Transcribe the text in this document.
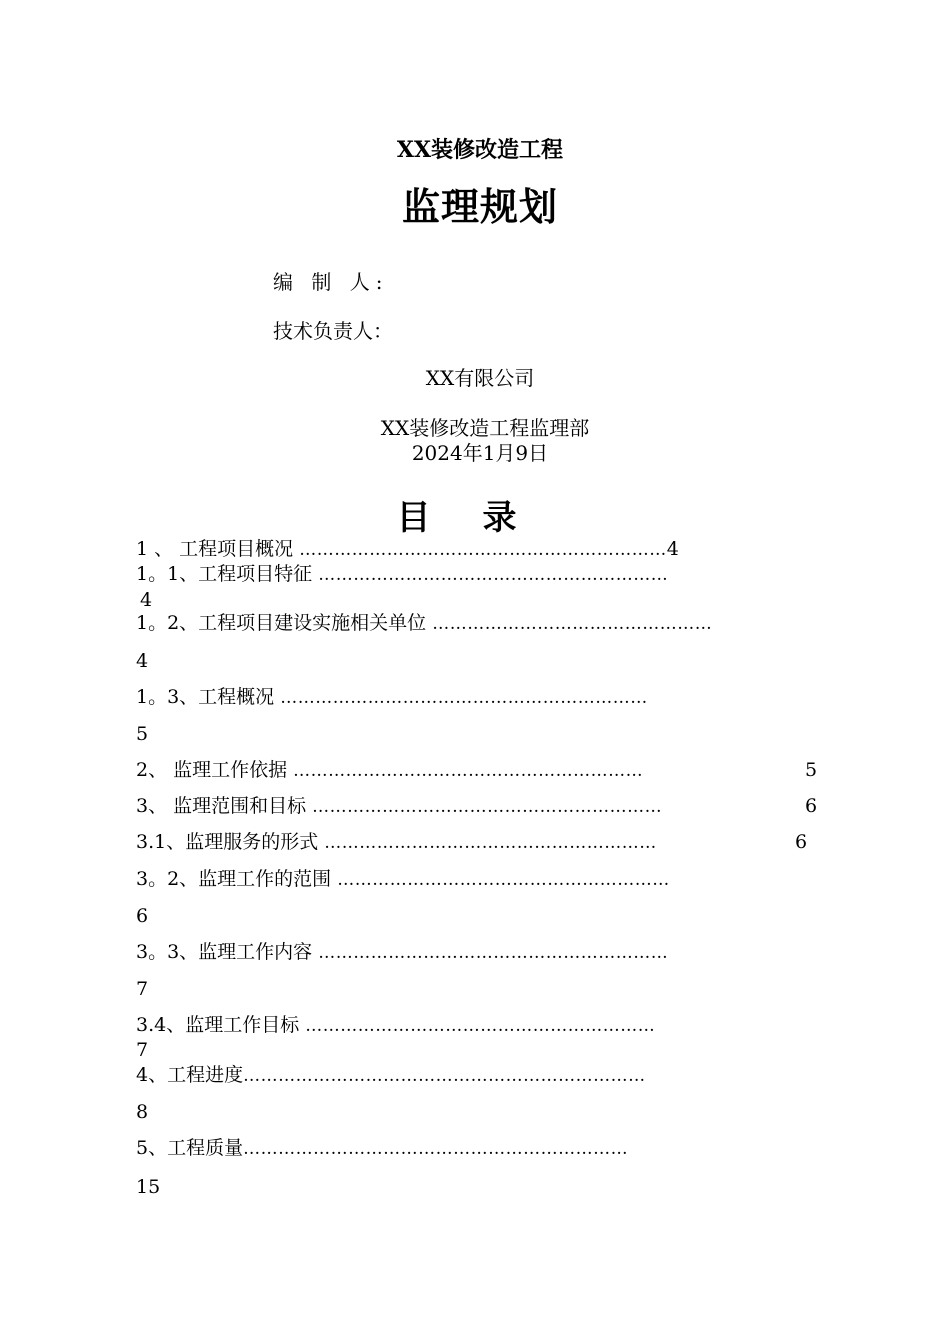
XX装修改造工程
监理规划
编 制 人:
技术负责人：
XX有限公司
XX装修改造工程监理部
2024年1月9日
目录
1 、 工程项目概况 ………………………………………………………4
1。1、工程项目特征 ……………………………………………………
4
1。2、工程项目建设实施相关单位 …………………………………………
4
1。3、工程概况 ………………………………………………………
5
2、 监理工作依据 ……………………………………………………	5
3、 监理范围和目标 ……………………………………………………	6
3.1、监理服务的形式 …………………………………………………	6
3。2、监理工作的范围 …………………………………………………
6
3。3、监理工作内容 ……………………………………………………
7
3.4、监理工作目标 ……………………………………………………
7
4、工程进度……………………………………………………………
8
5、工程质量…………………………………………………………
15
